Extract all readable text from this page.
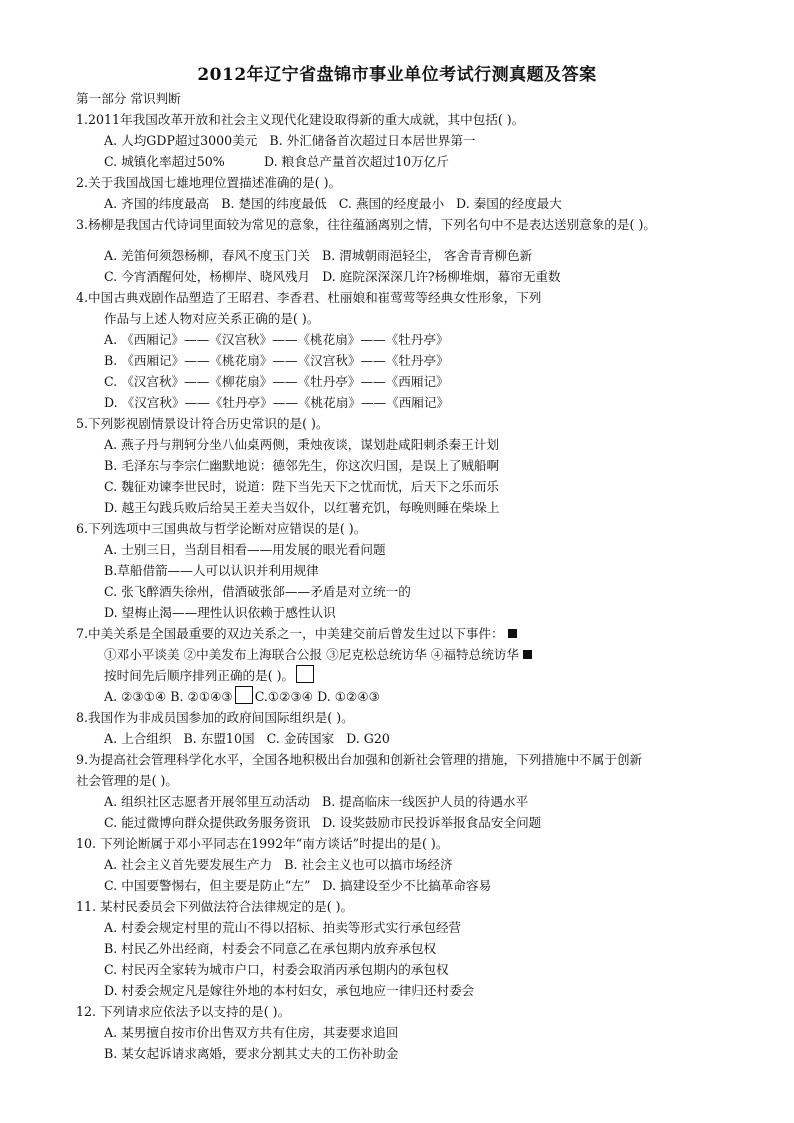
2012年辽宁省盘锦市事业单位考试行测真题及答案
第一部分 常识判断
1.2011年我国改革开放和社会主义现代化建设取得新的重大成就，其中包括( )。
A. 人均GDP超过3000美元 B. 外汇储备首次超过日本居世界第一
C. 城镇化率超过50%	D. 粮食总产量首次超过10万亿斤
2.关于我国战国七雄地理位置描述准确的是( )。
A. 齐国的纬度最高 B. 楚国的纬度最低 C. 燕国的经度最小 D. 秦国的经度最大
3.杨柳是我国古代诗词里面较为常见的意象，往往蕴涵离别之情，下列名句中不是表达送别意象的是( )。
A. 羌笛何须怨杨柳，春风不度玉门关 B. 渭城朝雨浥轻尘， 客舍青青柳色新
C. 今宵酒醒何处，杨柳岸、晓风残月 D. 庭院深深深几许?杨柳堆烟，幕帘无重数
4.中国古典戏剧作品塑造了王昭君、李香君、杜丽娘和崔莺莺等经典女性形象，下列
作品与上述人物对应关系正确的是( )。
A. 《西厢记》——《汉宫秋》——《桃花扇》——《牡丹亭》
B. 《西厢记》——《桃花扇》——《汉宫秋》——《牡丹亭》
C. 《汉宫秋》——《柳花扇》——《牡丹亭》——《西厢记》
D. 《汉宫秋》——《牡丹亭》——《桃花扇》——《西厢记》
5.下列影视剧情景设计符合历史常识的是( )。
A. 燕子丹与荆轲分坐八仙桌两侧，秉烛夜谈，谋划赴咸阳刺杀秦王计划
B. 毛泽东与李宗仁幽默地说：德邻先生，你这次归国，是误上了贼船啊
C. 魏征劝谏李世民时，说道：陛下当先天下之忧而忧，后天下之乐而乐
D. 越王勾践兵败后给吴王差夫当奴仆，以红薯充饥，每晚则睡在柴垛上
6.下列选项中三国典故与哲学论断对应错误的是( )。
A. 士别三日，当刮目相看——用发展的眼光看问题
B.草船借箭——人可以认识并利用规律
C. 张飞醉酒失徐州，借酒破张郃——矛盾是对立统一的
D. 望梅止渴——理性认识依赖于感性认识
7.中美关系是全国最重要的双边关系之一，中美建交前后曾发生过以下事件：
①邓小平谈美 ②中美发布上海联合公报 ③尼克松总统访华 ④福特总统访华
按时间先后顺序排列正确的是( )。
A. ②③①④ B. ②①④③ C.①②③④ D. ①②④③
8.我国作为非成员国参加的政府间国际组织是( )。
A. 上合组织 B. 东盟10国 C. 金砖国家 D. G20
9.为提高社会管理科学化水平，全国各地积极出台加强和创新社会管理的措施，下列措施中不属于创新
社会管理的是( )。
A. 组织社区志愿者开展邻里互动活动 B. 提高临床一线医护人员的待遇水平
C. 能过微博向群众提供政务服务资讯 D. 设奖鼓励市民投诉举报食品安全问题
10. 下列论断属于邓小平同志在1992年“南方谈话”时提出的是( )。
A. 社会主义首先要发展生产力 B. 社会主义也可以搞市场经济
C. 中国要警惕右，但主要是防止“左” D. 搞建设至少不比搞革命容易
11. 某村民委员会下列做法符合法律规定的是( )。
A. 村委会规定村里的荒山不得以招标、拍卖等形式实行承包经营
B. 村民乙外出经商，村委会不同意乙在承包期内放弃承包权
C. 村民丙全家转为城市户口，村委会取消丙承包期内的承包权
D. 村委会规定凡是嫁往外地的本村妇女，承包地应一律归还村委会
12. 下列请求应依法予以支持的是( )。
A. 某男擅自按市价出售双方共有住房，其妻要求追回
B. 某女起诉请求离婚，要求分割其丈夫的工伤补助金
